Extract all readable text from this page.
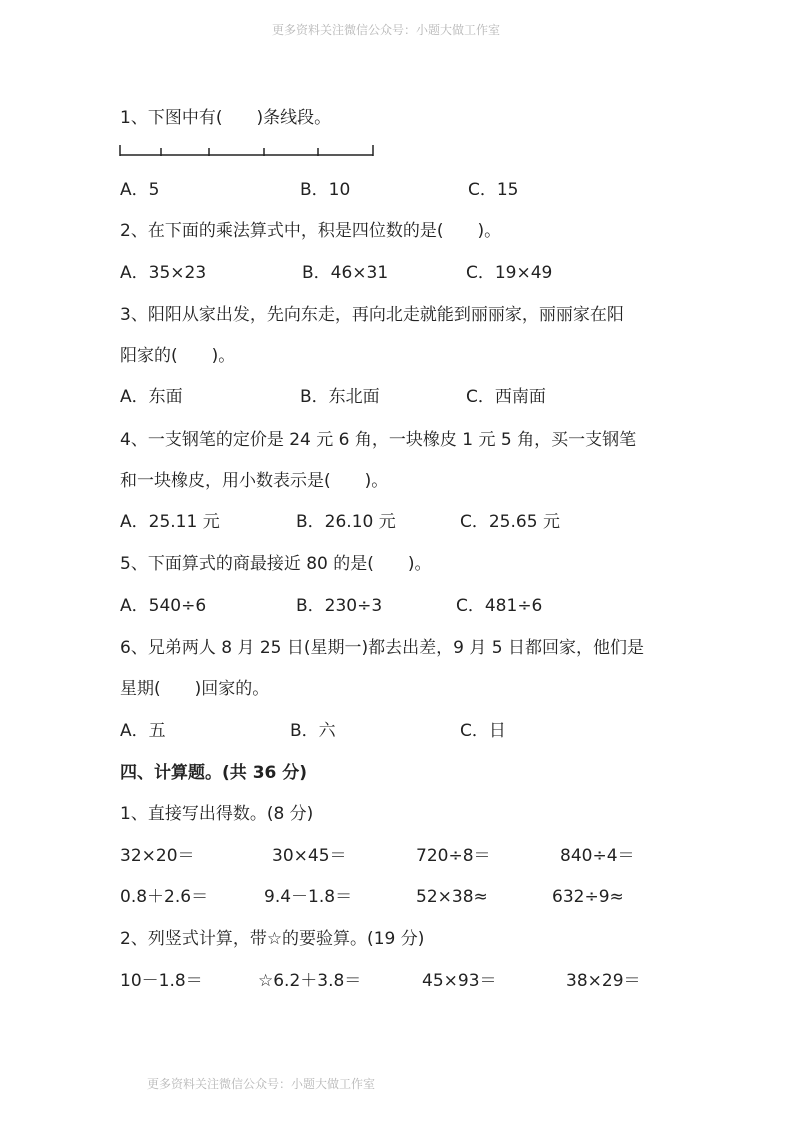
更多资料关注微信公众号：小题大做工作室
1、下图中有(　　)条线段。
A．5	B．10	C．15
2、在下面的乘法算式中，积是四位数的是(　　)。
A．35×23	B．46×31	C．19×49
3、阳阳从家出发，先向东走，再向北走就能到丽丽家，丽丽家在阳
阳家的(　　)。
A．东面	B．东北面	C．西南面
4、一支钢笔的定价是 24 元 6 角，一块橡皮 1 元 5 角，买一支钢笔
和一块橡皮，用小数表示是(　　)。
A．25.11 元	B．26.10 元	C．25.65 元
5、下面算式的商最接近 80 的是(　　)。
A．540÷6	B．230÷3	C．481÷6
6、兄弟两人 8 月 25 日(星期一)都去出差，9 月 5 日都回家，他们是
星期(　　)回家的。
A．五	B．六	C．日
四、计算题。(共 36 分)
1、直接写出得数。(8 分)
32×20＝	30×45＝	720÷8＝	840÷4＝
0.8＋2.6＝	9.4－1.8＝	52×38≈	632÷9≈
2、列竖式计算，带☆的要验算。(19 分)
10－1.8＝	☆6.2＋3.8＝	45×93＝	38×29＝
更多资料关注微信公众号：小题大做工作室
